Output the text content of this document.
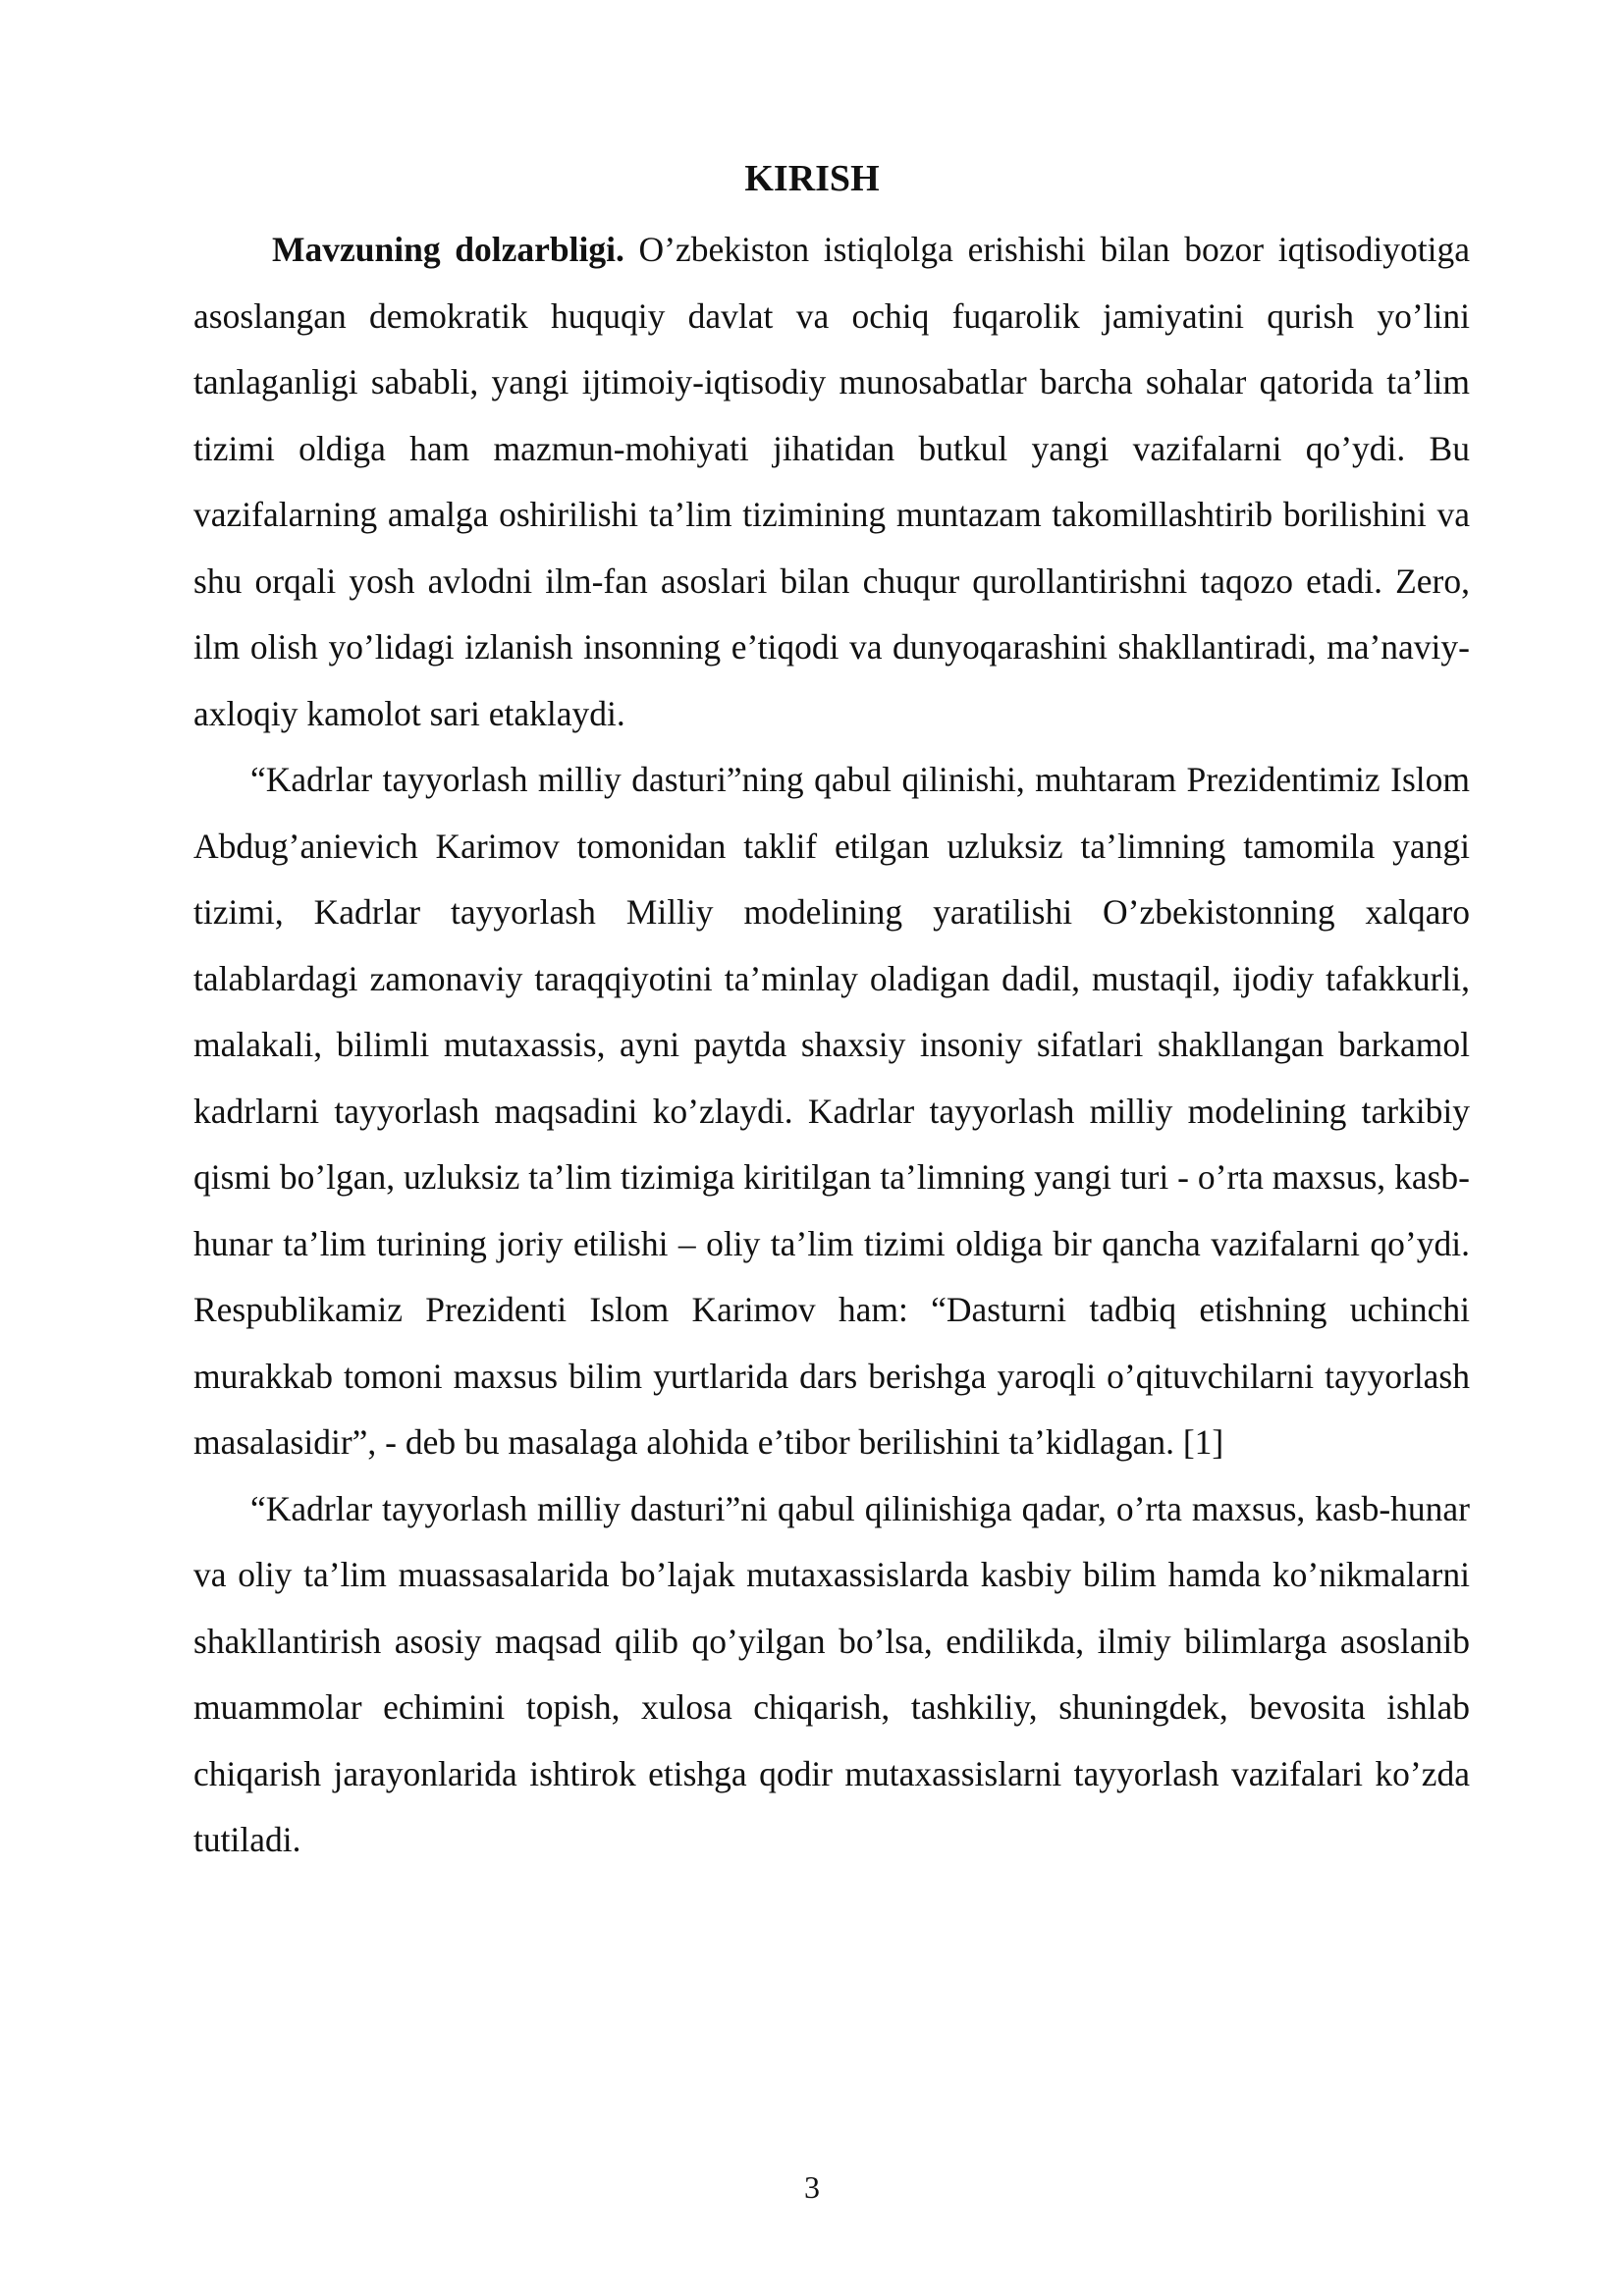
KIRISH

Mavzuning dolzarbligi. O’zbekiston istiqlolga erishishi bilan bozor iqtisodiyotiga asoslangan demokratik huquqiy davlat va ochiq fuqarolik jamiyatini qurish yo’lini tanlaganligi sababli, yangi ijtimoiy-iqtisodiy munosabatlar barcha sohalar qatorida ta’lim tizimi oldiga ham mazmun-mohiyati jihatidan butkul yangi vazifalarni qo’ydi. Bu vazifalarning amalga oshirilishi ta’lim tizimining muntazam takomillashtirib borilishini va shu orqali yosh avlodni ilm-fan asoslari bilan chuqur qurollantirishni taqozo etadi. Zero, ilm olish yo’lidagi izlanish insonning e’tiqodi va dunyoqarashini shakllantiradi, ma’naviy-axloqiy kamolot sari etaklaydi.

“Kadrlar tayyorlash milliy dasturi”ning qabul qilinishi, muhtaram Prezidentimiz Islom Abdug’anievich Karimov tomonidan taklif etilgan uzluksiz ta’limning tamomila yangi tizimi, Kadrlar tayyorlash Milliy modelining yaratilishi O’zbekistonning xalqaro talablardagi zamonaviy taraqqiyotini ta’minlay oladigan dadil, mustaqil, ijodiy tafakkurli, malakali, bilimli mutaxassis, ayni paytda shaxsiy insoniy sifatlari shakllangan barkamol kadrlarni tayyorlash maqsadini ko’zlaydi. Kadrlar tayyorlash milliy modelining tarkibiy qismi bo’lgan, uzluksiz ta’lim tizimiga kiritilgan ta’limning yangi turi - o’rta maxsus, kasb-hunar ta’lim turining joriy etilishi – oliy ta’lim tizimi oldiga bir qancha vazifalarni qo’ydi. Respublikamiz Prezidenti Islom Karimov ham: “Dasturni tadbiq etishning uchinchi murakkab tomoni maxsus bilim yurtlarida dars berishga yaroqli o’qituvchilarni tayyorlash masalasidir”, - deb bu masalaga alohida e’tibor berilishini ta’kidlagan. [1]

“Kadrlar tayyorlash milliy dasturi”ni qabul qilinishiga qadar, o’rta maxsus, kasb-hunar va oliy ta’lim muassasalarida bo’lajak mutaxassislarda kasbiy bilim hamda ko’nikmalarni shakllantirish asosiy maqsad qilib qo’yilgan bo’lsa, endilikda, ilmiy bilimlarga asoslanib muammolar echimini topish, xulosa chiqarish, tashkiliy, shuningdek, bevosita ishlab chiqarish jarayonlarida ishtirok etishga qodir mutaxassislarni tayyorlash vazifalari ko’zda tutiladi.

3
